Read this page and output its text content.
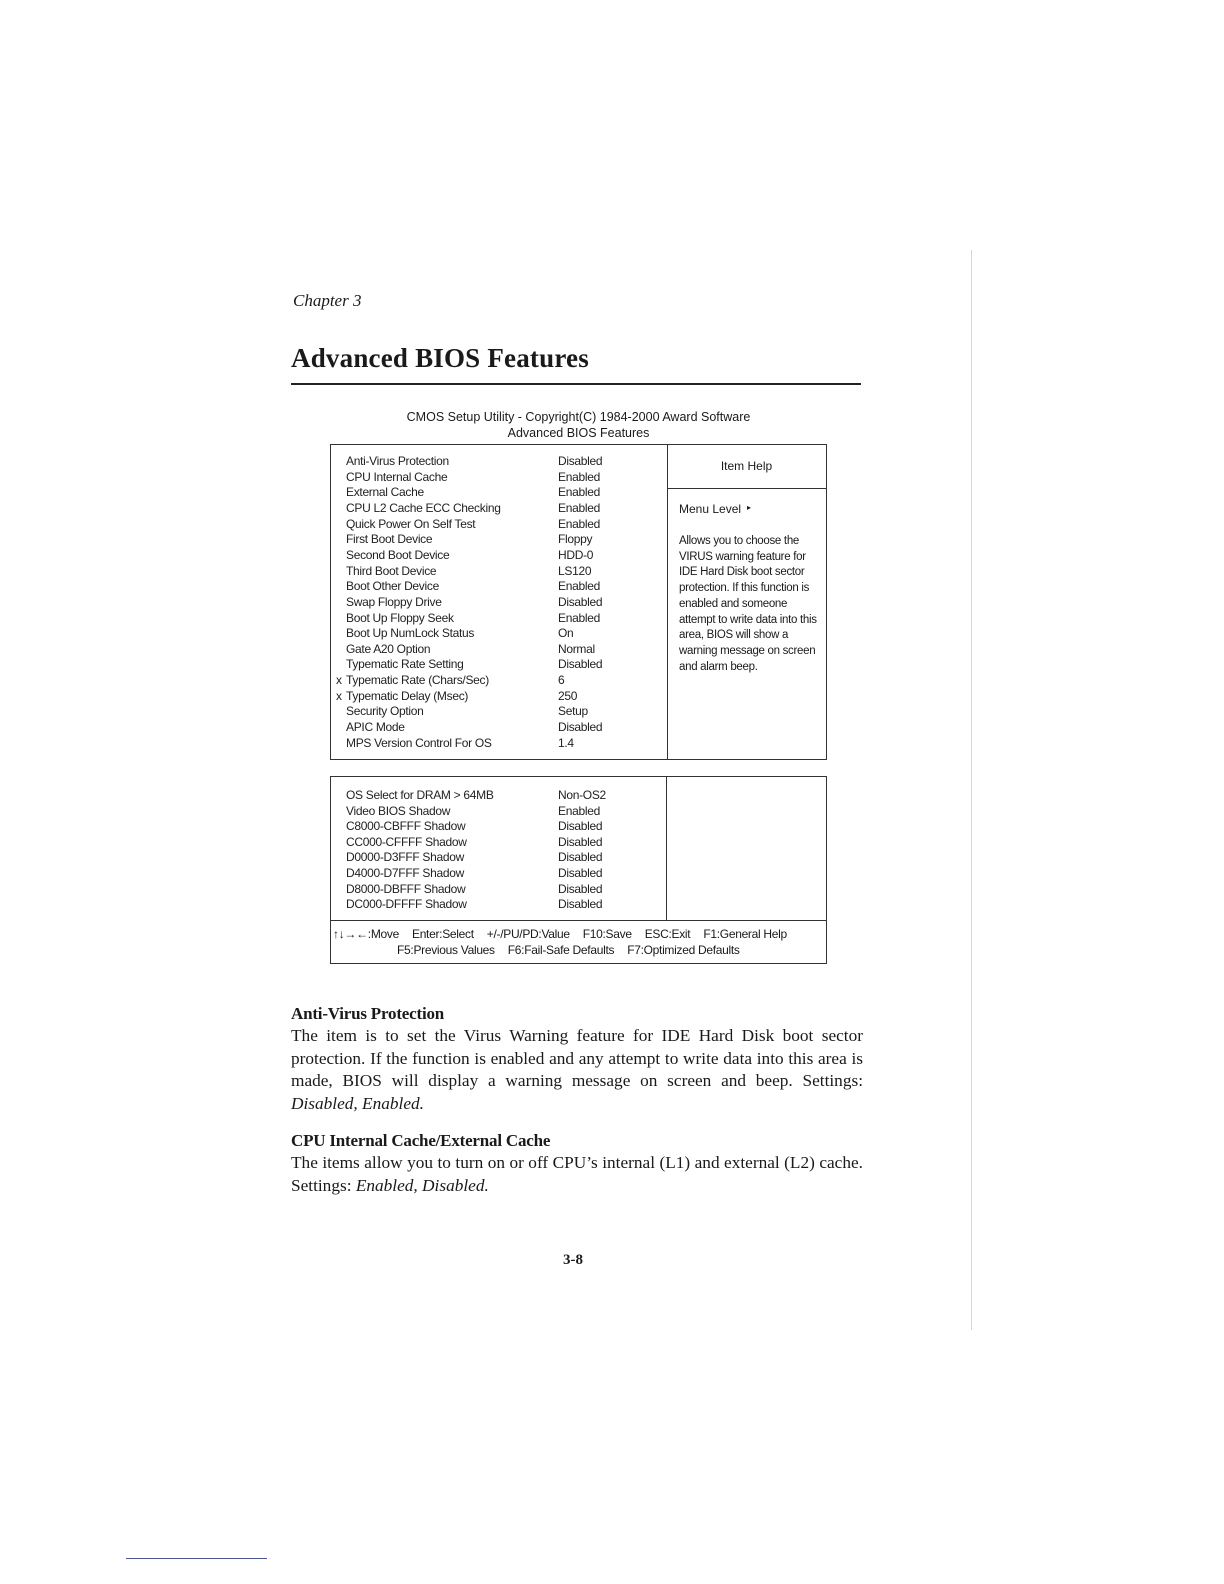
Chapter 3
Advanced BIOS Features
CMOS Setup Utility - Copyright(C) 1984-2000 Award Software
Advanced BIOS Features
Anti-Virus Protection	Disabled
CPU Internal Cache	Enabled
External Cache	Enabled
CPU L2 Cache ECC Checking	Enabled
Quick Power On Self Test	Enabled
First Boot Device	Floppy
Second Boot Device	HDD-0
Third Boot Device	LS120
Boot Other Device	Enabled
Swap Floppy Drive	Disabled
Boot Up Floppy Seek	Enabled
Boot Up NumLock Status	On
Gate A20 Option	Normal
Typematic Rate Setting	Disabled
x Typematic Rate (Chars/Sec)	6
x Typematic Delay (Msec)	250
Security Option	Setup
APIC Mode	Disabled
MPS Version Control For OS	1.4
Item Help
Menu Level ▸
Allows you to choose the VIRUS warning feature for IDE Hard Disk boot sector protection. If this function is enabled and someone attempt to write data into this area, BIOS will show a warning message on screen and alarm beep.
OS Select for DRAM > 64MB	Non-OS2
Video BIOS Shadow	Enabled
C8000-CBFFF Shadow	Disabled
CC000-CFFFF Shadow	Disabled
D0000-D3FFF Shadow	Disabled
D4000-D7FFF Shadow	Disabled
D8000-DBFFF Shadow	Disabled
DC000-DFFFF Shadow	Disabled
↑↓→←:Move Enter:Select +/-/PU/PD:Value F10:Save ESC:Exit F1:General Help
F5:Previous Values F6:Fail-Safe Defaults F7:Optimized Defaults
Anti-Virus Protection
The item is to set the Virus Warning feature for IDE Hard Disk boot sector protection. If the function is enabled and any attempt to write data into this area is made, BIOS will display a warning message on screen and beep. Settings: Disabled, Enabled.
CPU Internal Cache/External Cache
The items allow you to turn on or off CPU’s internal (L1) and external (L2) cache. Settings: Enabled, Disabled.
3-8
